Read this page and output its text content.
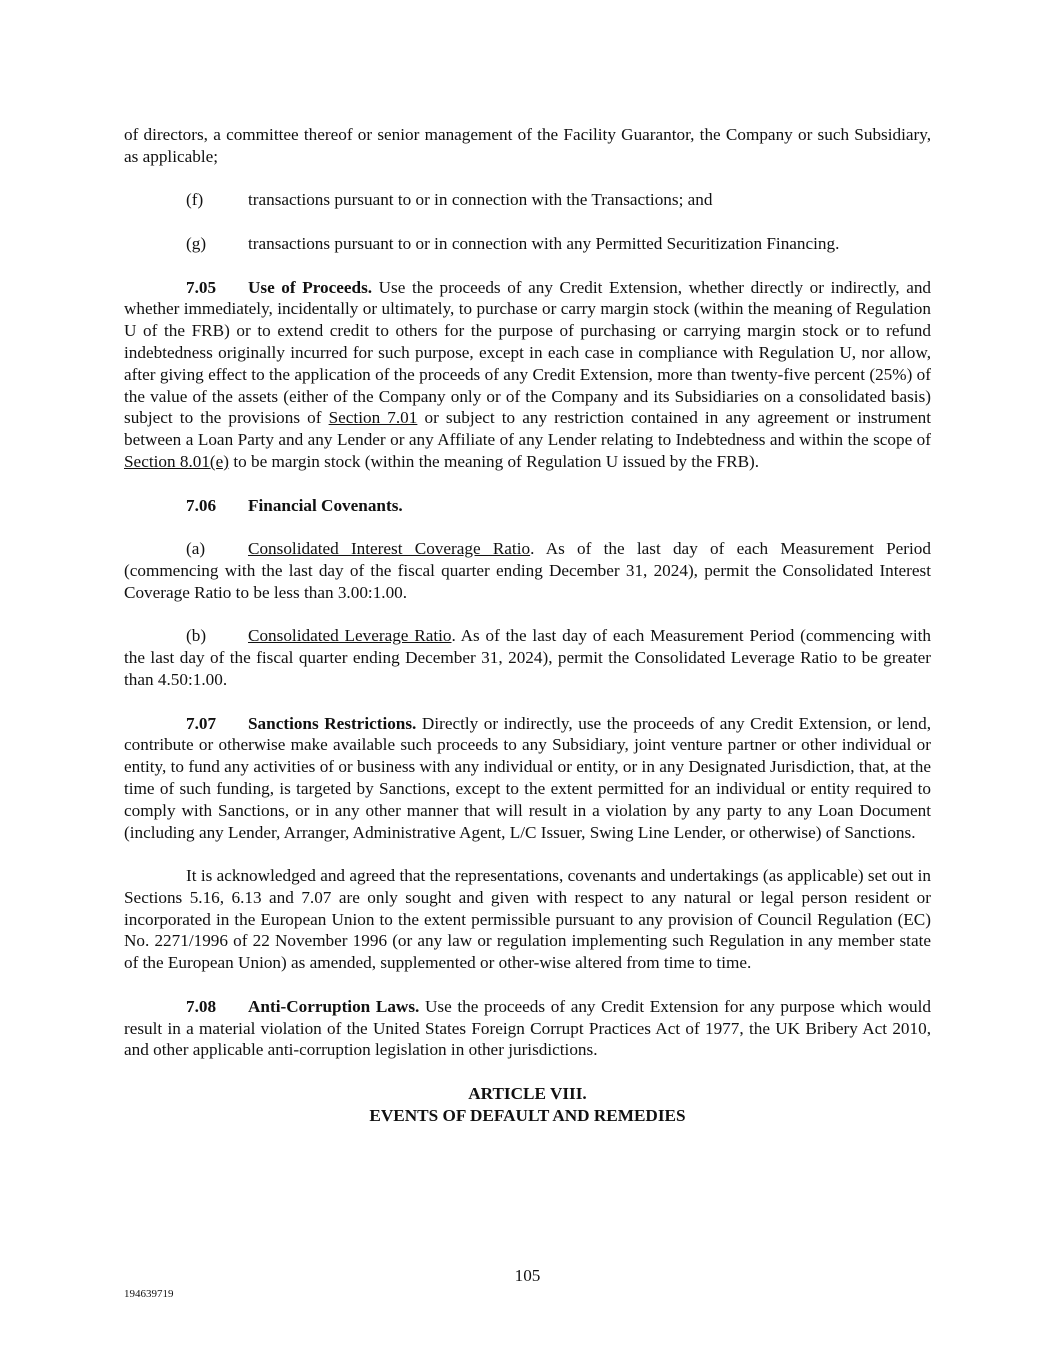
of directors, a committee thereof or senior management of the Facility Guarantor, the Company or such Subsidiary, as applicable;

(f)	transactions pursuant to or in connection with the Transactions; and
(g)	transactions pursuant to or in connection with any Permitted Securitization Financing.

7.05 Use of Proceeds. Use the proceeds of any Credit Extension, whether directly or indirectly, and whether immediately, incidentally or ultimately, to purchase or carry margin stock (within the meaning of Regulation U of the FRB) or to extend credit to others for the purpose of purchasing or carrying margin stock or to refund indebtedness originally incurred for such purpose, except in each case in compliance with Regulation U, nor allow, after giving effect to the application of the proceeds of any Credit Extension, more than twenty-five percent (25%) of the value of the assets (either of the Company only or of the Company and its Subsidiaries on a consolidated basis) subject to the provisions of Section 7.01 or subject to any restriction contained in any agreement or instrument between a Loan Party and any Lender or any Affiliate of any Lender relating to Indebtedness and within the scope of Section 8.01(e) to be margin stock (within the meaning of Regulation U issued by the FRB).

7.06 Financial Covenants.

(a) Consolidated Interest Coverage Ratio. As of the last day of each Measurement Period (commencing with the last day of the fiscal quarter ending December 31, 2024), permit the Consolidated Interest Coverage Ratio to be less than 3.00:1.00.

(b) Consolidated Leverage Ratio. As of the last day of each Measurement Period (commencing with the last day of the fiscal quarter ending December 31, 2024), permit the Consolidated Leverage Ratio to be greater than 4.50:1.00.

7.07 Sanctions Restrictions. Directly or indirectly, use the proceeds of any Credit Extension, or lend, contribute or otherwise make available such proceeds to any Subsidiary, joint venture partner or other individual or entity, to fund any activities of or business with any individual or entity, or in any Designated Jurisdiction, that, at the time of such funding, is targeted by Sanctions, except to the extent permitted for an individual or entity required to comply with Sanctions, or in any other manner that will result in a violation by any party to any Loan Document (including any Lender, Arranger, Administrative Agent, L/C Issuer, Swing Line Lender, or otherwise) of Sanctions.

It is acknowledged and agreed that the representations, covenants and undertakings (as applicable) set out in Sections 5.16, 6.13 and 7.07 are only sought and given with respect to any natural or legal person resident or incorporated in the European Union to the extent permissible pursuant to any provision of Council Regulation (EC) No. 2271/1996 of 22 November 1996 (or any law or regulation implementing such Regulation in any member state of the European Union) as amended, supplemented or other-wise altered from time to time.

7.08 Anti-Corruption Laws. Use the proceeds of any Credit Extension for any purpose which would result in a material violation of the United States Foreign Corrupt Practices Act of 1977, the UK Bribery Act 2010, and other applicable anti-corruption legislation in other jurisdictions.

ARTICLE VIII.
EVENTS OF DEFAULT AND REMEDIES
105
194639719
